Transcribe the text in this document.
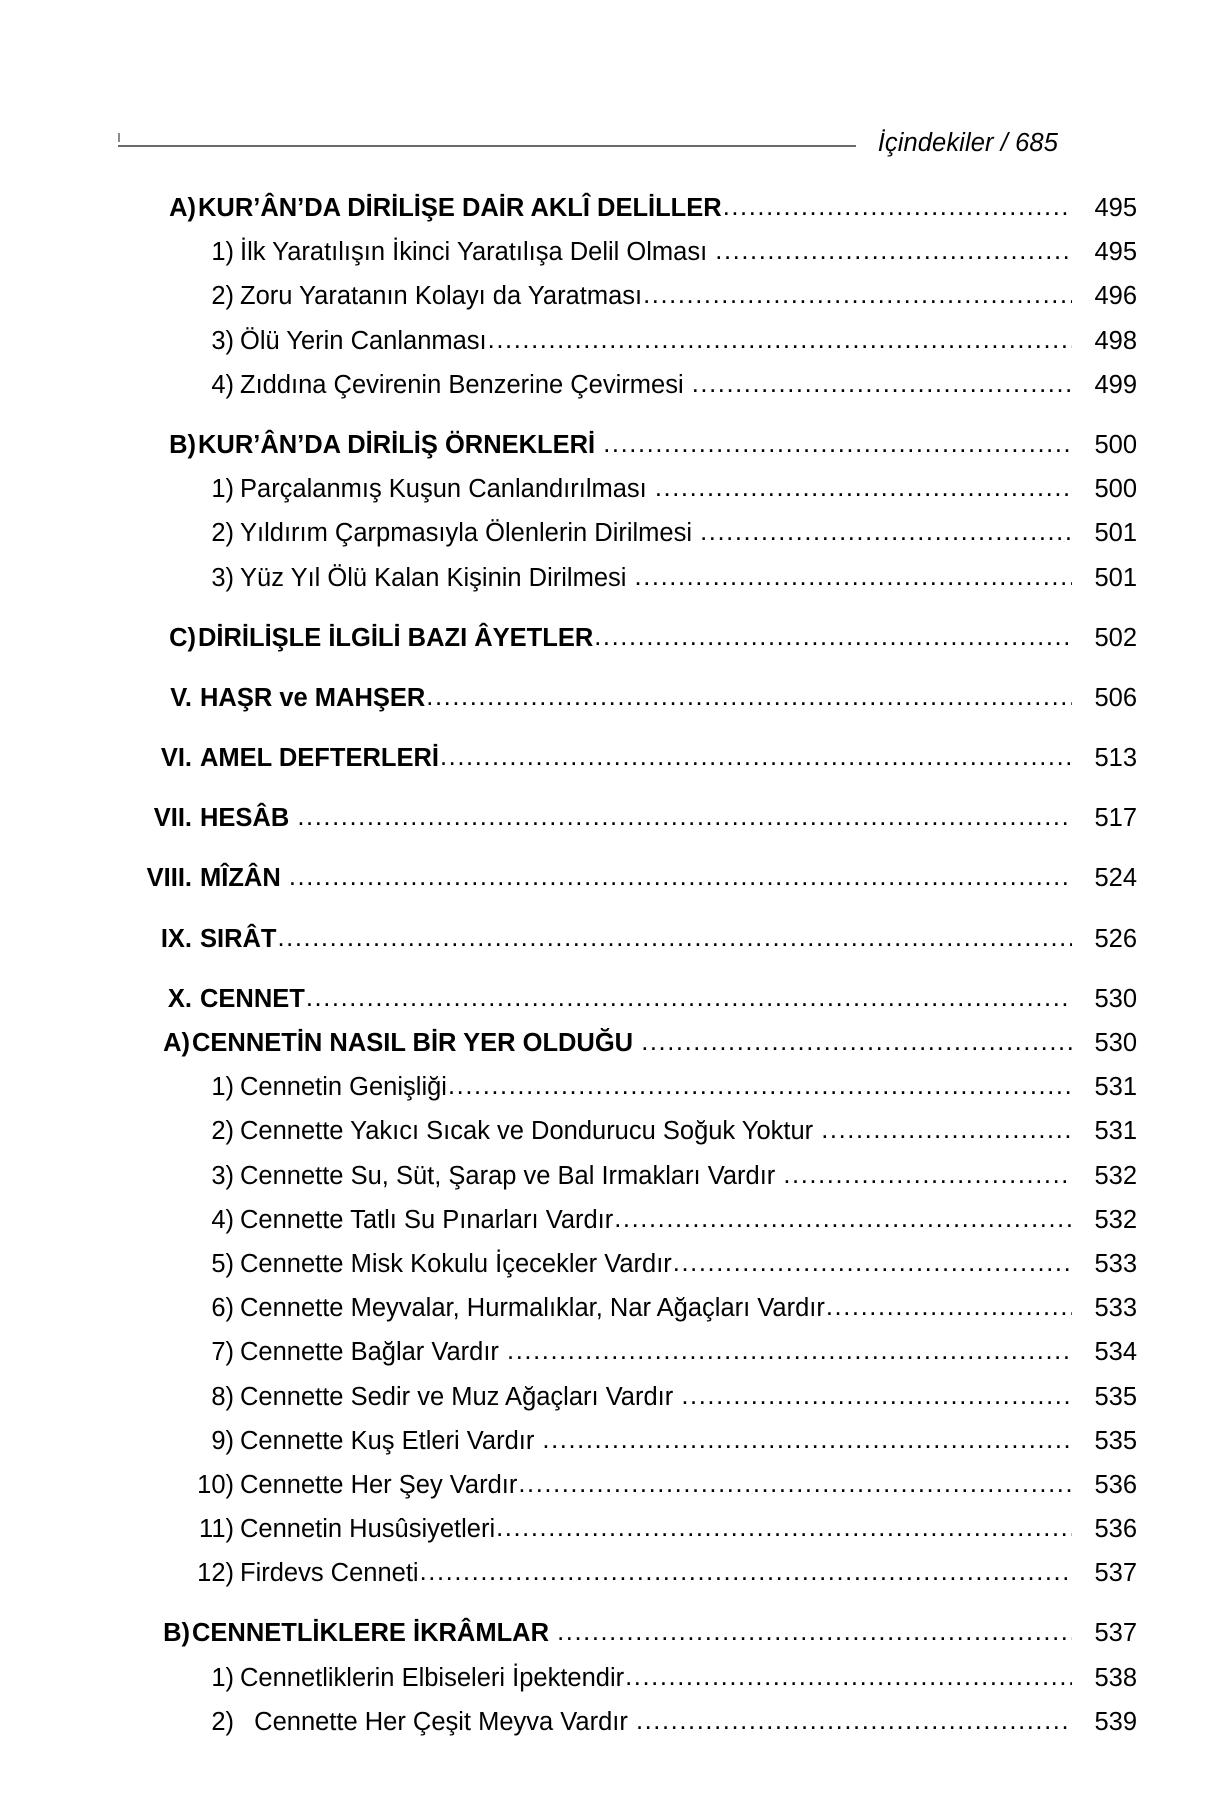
İçindekiler / 685
A) KUR’ÂN’DA DİRİLİŞE DAİR AKLÎ DELİLLER .....	495
1) İlk Yaratılışın İkinci Yaratılışa Delil Olması .....	495
2) Zoru Yaratanın Kolayı da Yaratması .....	496
3) Ölü Yerin Canlanması .....	498
4) Zıddına Çevirenin Benzerine Çevirmesi .....	499
B) KUR’ÂN’DA DİRİLİŞ ÖRNEKLERİ .....	500
1) Parçalanmış Kuşun Canlandırılması .....	500
2) Yıldırım Çarpmasıyla Ölenlerin Dirilmesi .....	501
3) Yüz Yıl Ölü Kalan Kişinin Dirilmesi .....	501
C) DİRİLİŞLE İLGİLİ BAZI ÂYETLER .....	502
V. HAŞR ve MAHŞER .....	506
VI. AMEL DEFTERLERİ .....	513
VII. HESÂB .....	517
VIII. MÎZÂN .....	524
IX. SIRÂT .....	526
X. CENNET .....	530
A) CENNETİN NASIL BİR YER OLDUĞU .....	530
1) Cennetin Genişliği .....	531
2) Cennette Yakıcı Sıcak ve Dondurucu Soğuk Yoktur .....	531
3) Cennette Su, Süt, Şarap ve Bal Irmakları Vardır .....	532
4) Cennette Tatlı Su Pınarları Vardır .....	532
5) Cennette Misk Kokulu İçecekler Vardır .....	533
6) Cennette Meyvalar, Hurmalıklar, Nar Ağaçları Vardır .....	533
7) Cennette Bağlar Vardır .....	534
8) Cennette Sedir ve Muz Ağaçları Vardır .....	535
9) Cennette Kuş Etleri Vardır .....	535
10) Cennette Her Şey Vardır .....	536
11) Cennetin Husûsiyetleri .....	536
12) Firdevs Cenneti .....	537
B) CENNETLİKLERE İKRÂMLAR .....	537
1) Cennetliklerin Elbiseleri İpektendir .....	538
2) Cennette Her Çeşit Meyva Vardır .....	539
